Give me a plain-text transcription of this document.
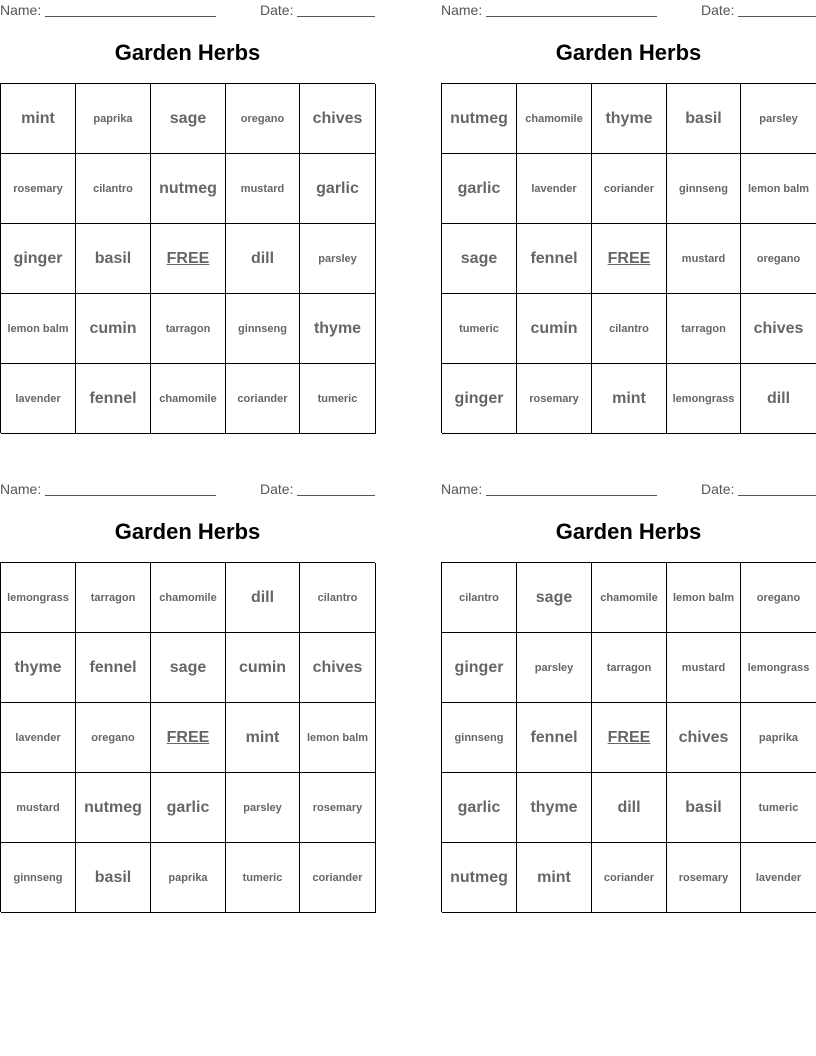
Name:	Date:
Garden Herbs
mint	paprika	sage	oregano	chives
rosemary	cilantro	nutmeg	mustard	garlic
ginger	basil	FREE	dill	parsley
lemon balm	cumin	tarragon	ginnseng	thyme
lavender	fennel	chamomile	coriander	tumeric
Name:	Date:
Garden Herbs
nutmeg	chamomile	thyme	basil	parsley
garlic	lavender	coriander	ginnseng	lemon balm
sage	fennel	FREE	mustard	oregano
tumeric	cumin	cilantro	tarragon	chives
ginger	rosemary	mint	lemongrass	dill
Name:	Date:
Garden Herbs
lemongrass	tarragon	chamomile	dill	cilantro
thyme	fennel	sage	cumin	chives
lavender	oregano	FREE	mint	lemon balm
mustard	nutmeg	garlic	parsley	rosemary
ginnseng	basil	paprika	tumeric	coriander
Name:	Date:
Garden Herbs
cilantro	sage	chamomile	lemon balm	oregano
ginger	parsley	tarragon	mustard	lemongrass
ginnseng	fennel	FREE	chives	paprika
garlic	thyme	dill	basil	tumeric
nutmeg	mint	coriander	rosemary	lavender
